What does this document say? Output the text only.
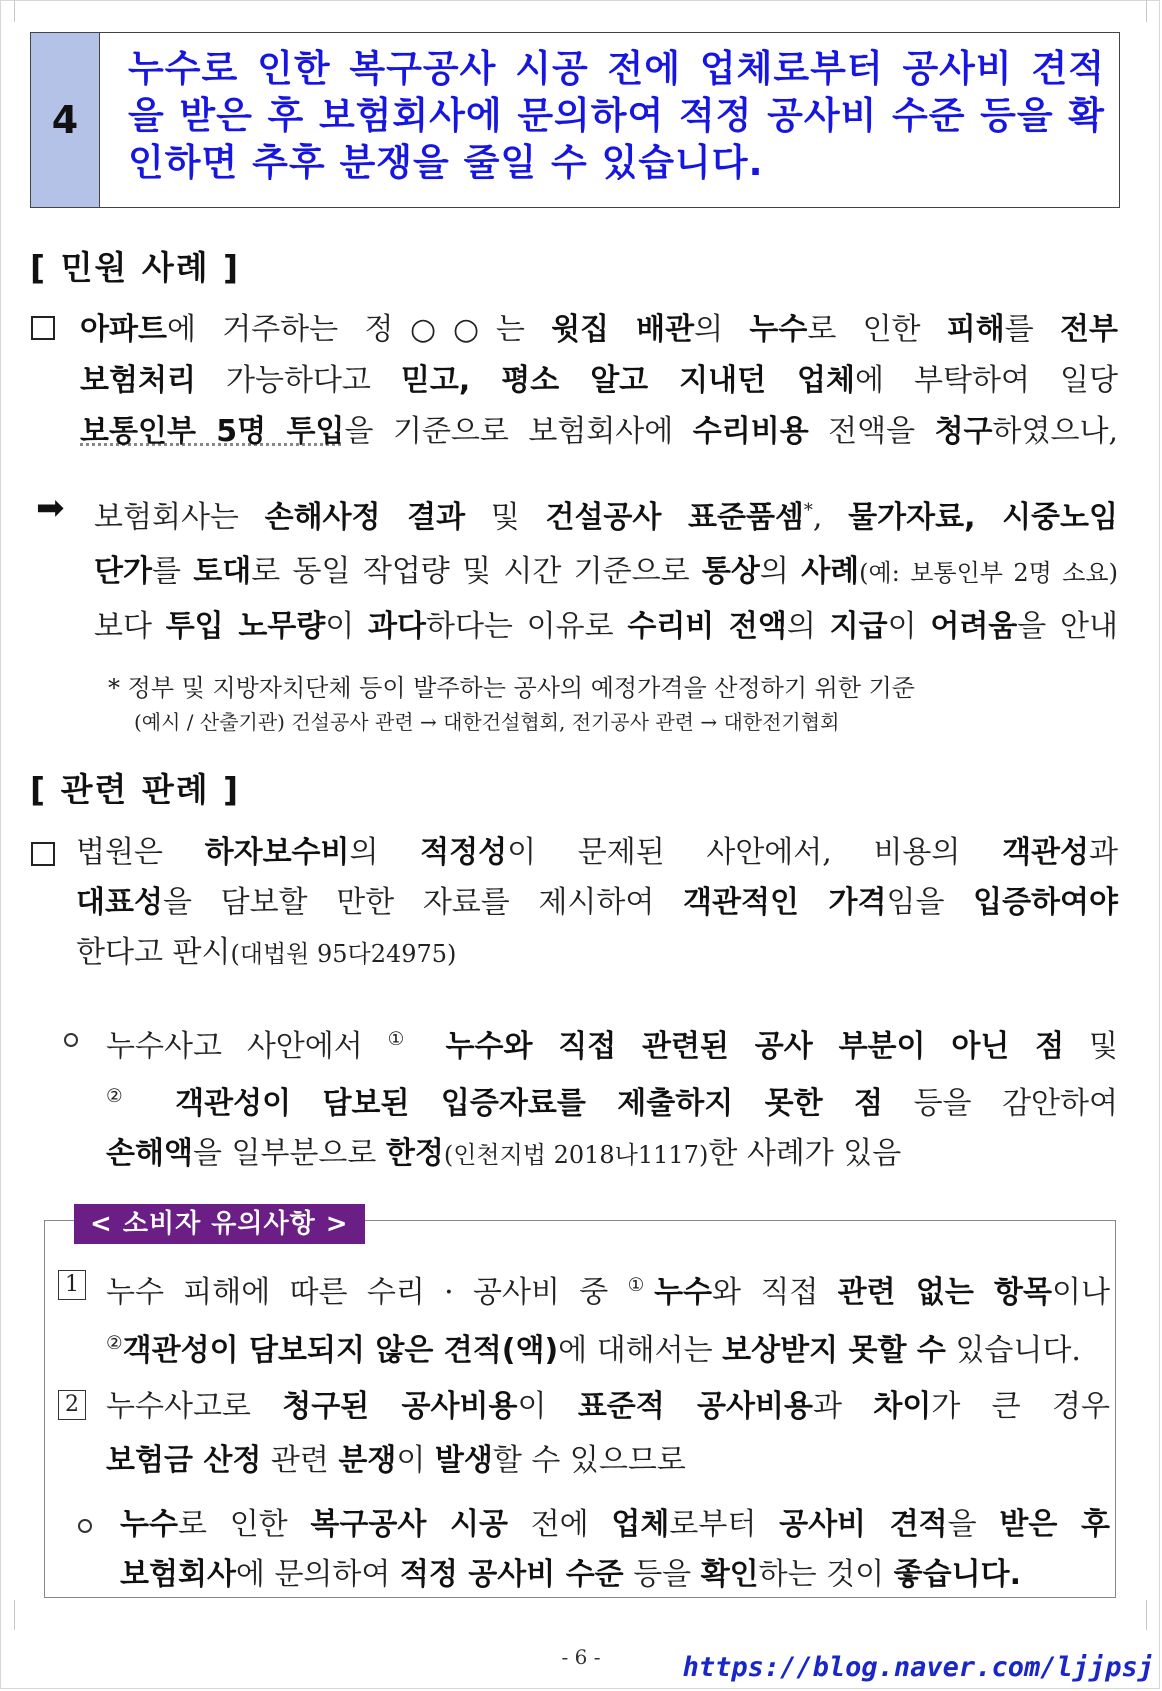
4
누수로 인한 복구공사 시공 전에 업체로부터 공사비 견적을 받은 후 보험회사에 문의하여 적정 공사비 수준 등을 확인하면 추후 분쟁을 줄일 수 있습니다.
[ 민원 사례 ]
아파트에 거주하는 정○○는 윗집 배관의 누수로 인한 피해를 전부
보험처리 가능하다고 믿고, 평소 알고 지내던 업체에 부탁하여 일당
보통인부 5명 투입을 기준으로 보험회사에 수리비용 전액을 청구하였으나,
➡ 보험회사는 손해사정 결과 및 건설공사 표준품셈*, 물가자료, 시중노임
단가를 토대로 동일 작업량 및 시간 기준으로 통상의 사례(예: 보통인부 2명 소요)
보다 투입 노무량이 과다하다는 이유로 수리비 전액의 지급이 어려움을 안내
* 정부 및 지방자치단체 등이 발주하는 공사의 예정가격을 산정하기 위한 기준
(예시 / 산출기관) 건설공사 관련 → 대한건설협회, 전기공사 관련 → 대한전기협회
[ 관련 판례 ]
법원은 하자보수비의 적정성이 문제된 사안에서, 비용의 객관성과
대표성을 담보할 만한 자료를 제시하여 객관적인 가격임을 입증하여야
한다고 판시(대법원 95다24975)
누수사고 사안에서 ① 누수와 직접 관련된 공사 부분이 아닌 점 및
② 객관성이 담보된 입증자료를 제출하지 못한 점 등을 감안하여
손해액을 일부분으로 한정(인천지법 2018나1117)한 사례가 있음
< 소비자 유의사항 >
1 누수 피해에 따른 수리 · 공사비 중 ①누수와 직접 관련 없는 항목이나
②객관성이 담보되지 않은 견적(액)에 대해서는 보상받지 못할 수 있습니다.
2 누수사고로 청구된 공사비용이 표준적 공사비용과 차이가 큰 경우
보험금 산정 관련 분쟁이 발생할 수 있으므로
누수로 인한 복구공사 시공 전에 업체로부터 공사비 견적을 받은 후
보험회사에 문의하여 적정 공사비 수준 등을 확인하는 것이 좋습니다.
- 6 -	https://blog.naver.com/ljjpsj
